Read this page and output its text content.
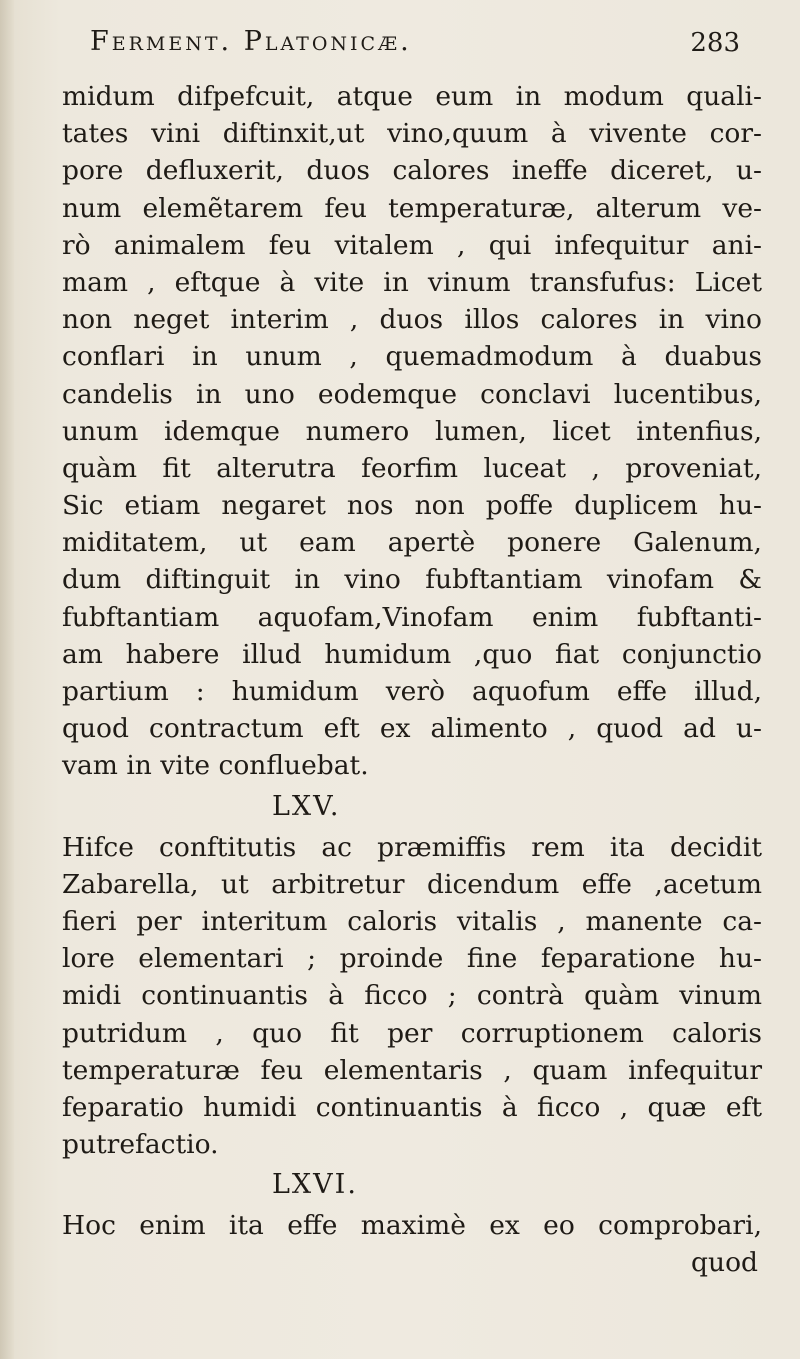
Ferment. Platonicæ.	283
midum difpefcuit, atque eum in modum quali-
tates vini diftinxit,ut vino,quum à vivente cor-
pore defluxerit, duos calores ineffe diceret, u-
num elemẽtarem feu temperaturæ, alterum ve-
rò animalem feu vitalem , qui infequitur ani-
mam , eftque à vite in vinum transfufus: Licet
non neget interim , duos illos calores in vino
conflari in unum , quemadmodum à duabus
candelis in uno eodemque conclavi lucentibus,
unum idemque numero lumen, licet intenfius,
quàm fit alterutra feorfim luceat , proveniat,
Sic etiam negaret nos non poffe duplicem hu-
miditatem, ut eam apertè ponere Galenum,
dum diftinguit in vino fubftantiam vinofam &
fubftantiam aquofam,Vinofam enim fubftanti-
am habere illud humidum ,quo fiat conjunctio
partium : humidum verò aquofum effe illud,
quod contractum eft ex alimento , quod ad u-
vam in vite confluebat.
LXV.
Hifce conftitutis ac præmiffis rem ita decidit
Zabarella, ut arbitretur dicendum effe ,acetum
fieri per interitum caloris vitalis , manente ca-
lore elementari ; proinde fine feparatione hu-
midi continuantis à ficco ; contrà quàm vinum
putridum , quo fit per corruptionem caloris
temperaturæ feu elementaris , quam infequitur
feparatio humidi continuantis à ficco , quæ eft
putrefactio.
LXVI.
Hoc enim ita effe maximè ex eo comprobari,
quod
